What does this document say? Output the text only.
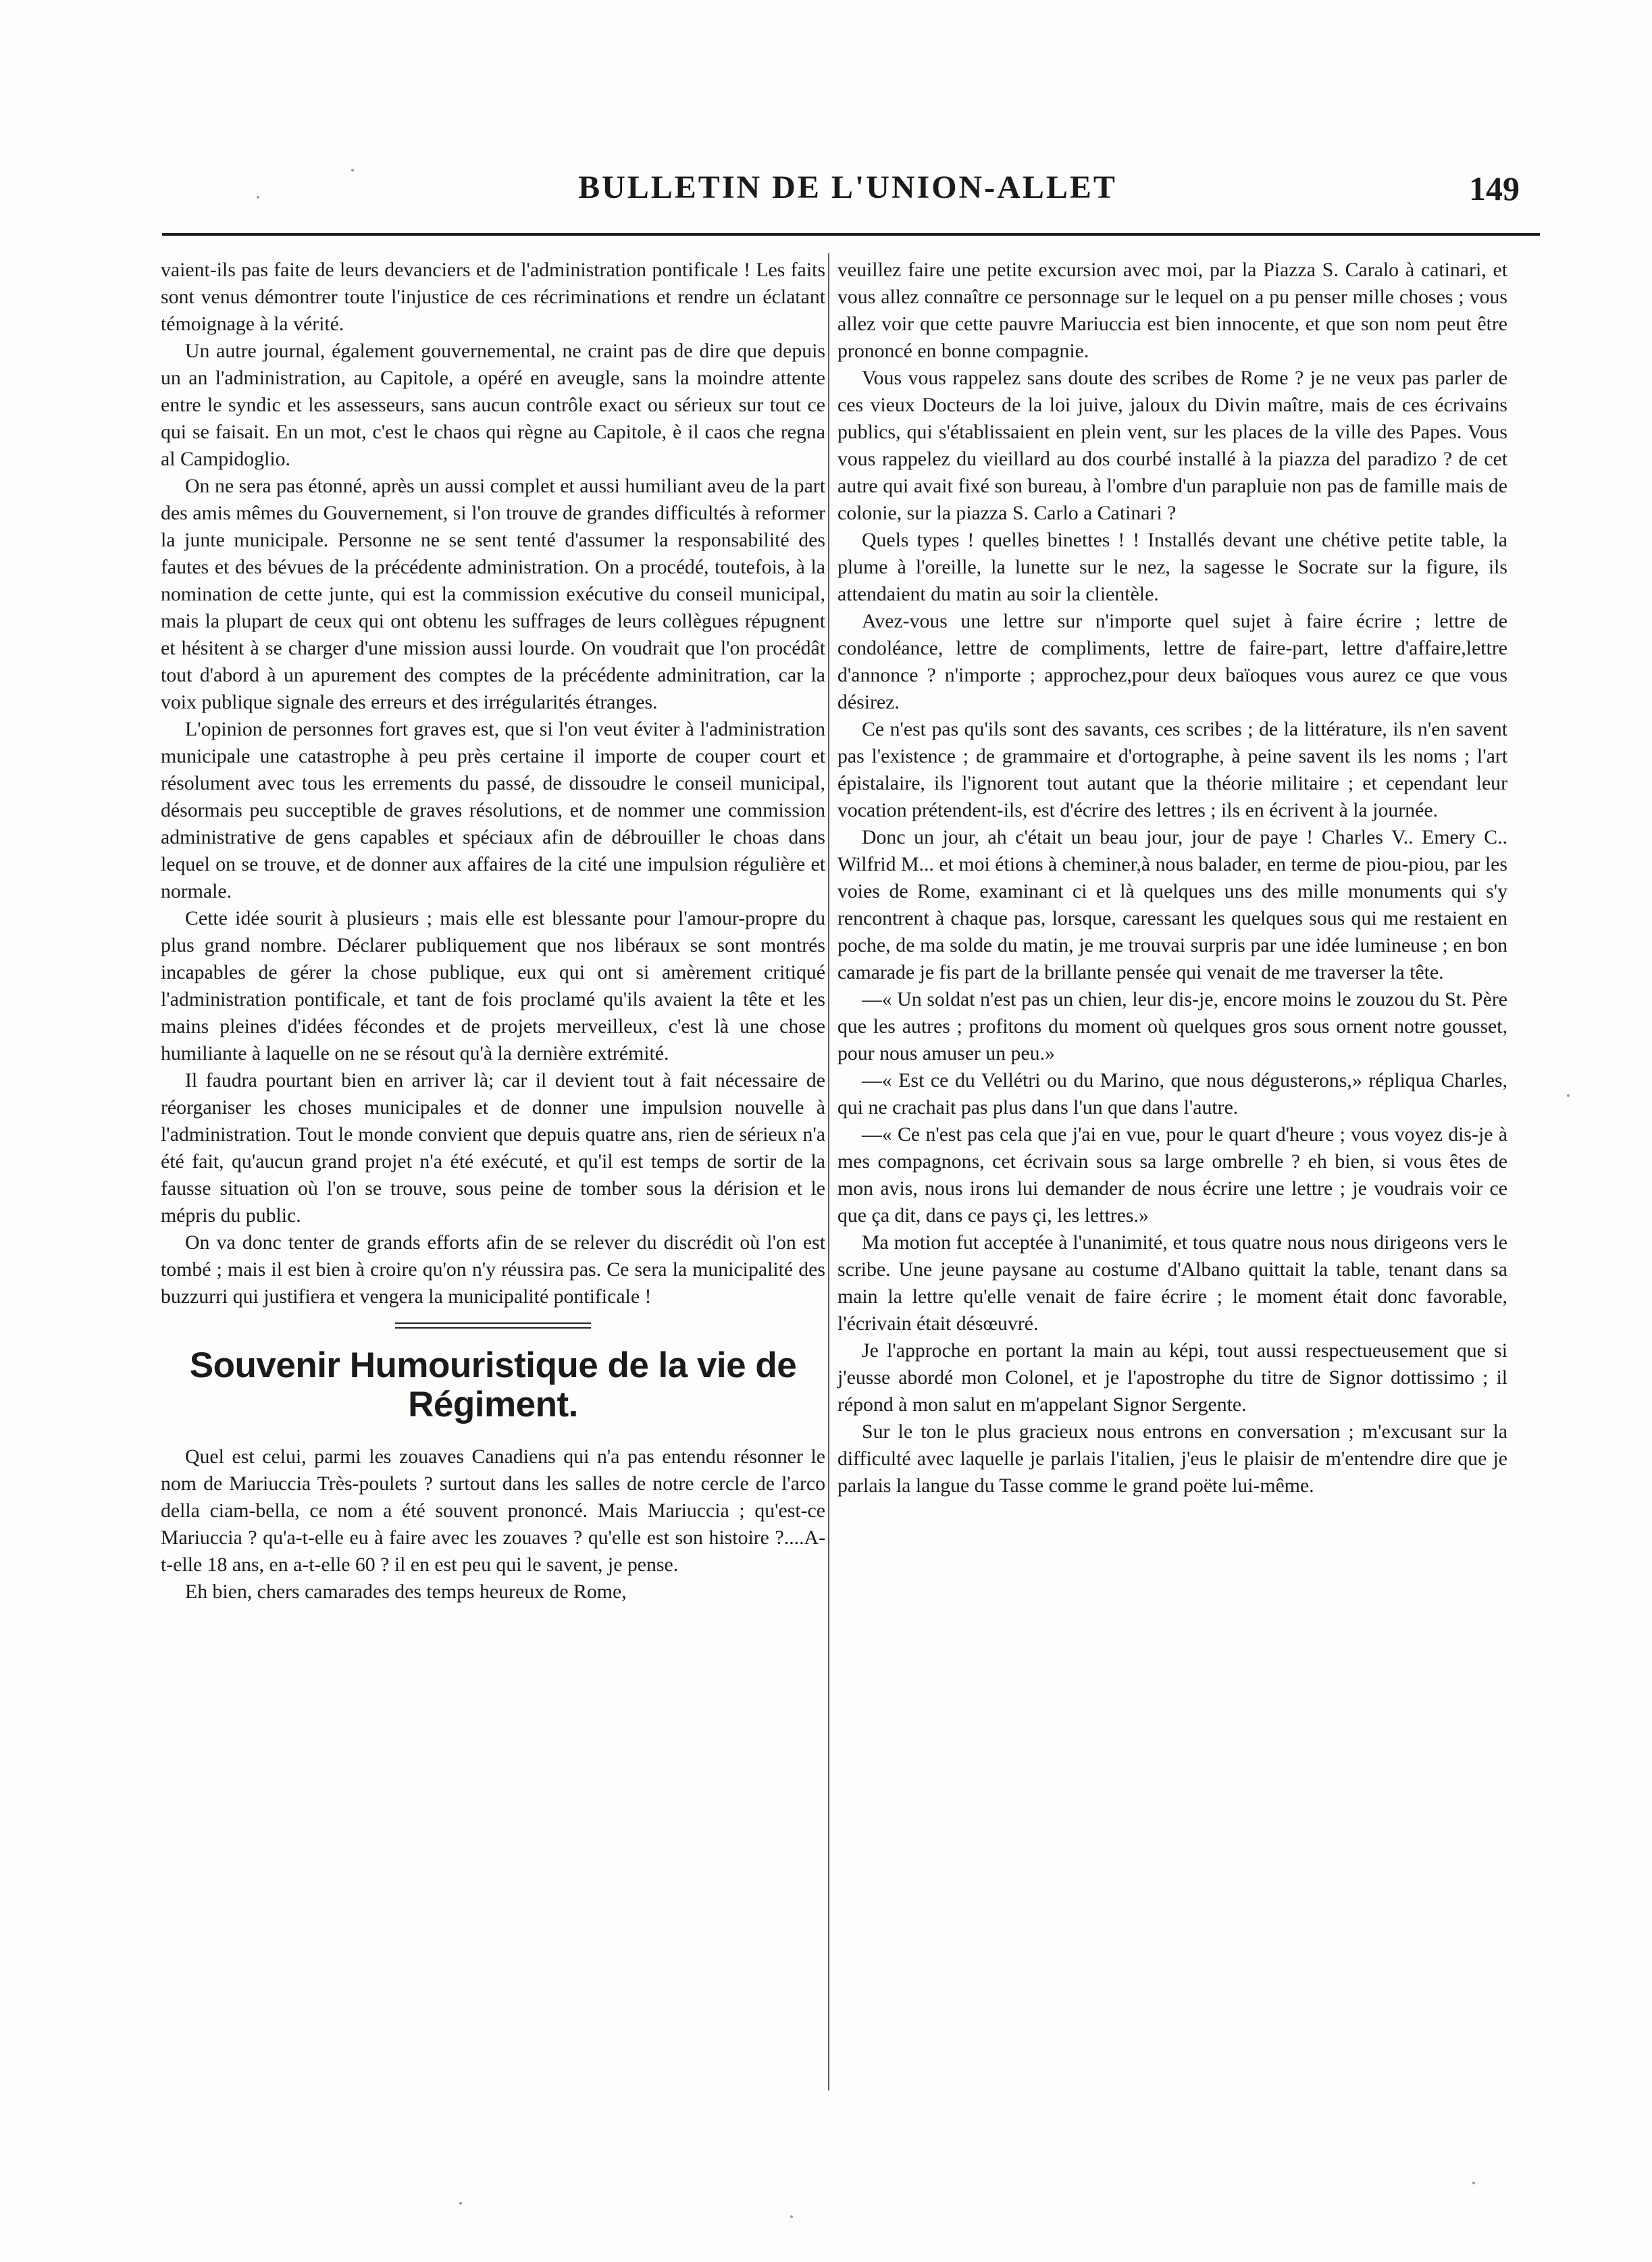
BULLETIN DE L'UNION-ALLET	149

vaient-ils pas faite de leurs devanciers et de l'administration pontificale ! Les faits sont venus démontrer toute l'injustice de ces récriminations et rendre un éclatant témoignage à la vérité.

Un autre journal, également gouvernemental, ne craint pas de dire que depuis un an l'administration, au Capitole, a opéré en aveugle, sans la moindre attente entre le syndic et les assesseurs, sans aucun contrôle exact ou sérieux sur tout ce qui se faisait. En un mot, c'est le chaos qui règne au Capitole, è il caos che regna al Campidoglio.

On ne sera pas étonné, après un aussi complet et aussi humiliant aveu de la part des amis mêmes du Gouvernement, si l'on trouve de grandes difficultés à reformer la junte municipale. Personne ne se sent tenté d'assumer la responsabilité des fautes et des bévues de la précédente administration. On a procédé, toutefois, à la nomination de cette junte, qui est la commission exécutive du conseil municipal, mais la plupart de ceux qui ont obtenu les suffrages de leurs collègues répugnent et hésitent à se charger d'une mission aussi lourde. On voudrait que l'on procédât tout d'abord à un apurement des comptes de la précédente adminitration, car la voix publique signale des erreurs et des irrégularités étranges.

L'opinion de personnes fort graves est, que si l'on veut éviter à l'administration municipale une catastrophe à peu près certaine il importe de couper court et résolument avec tous les errements du passé, de dissoudre le conseil municipal, désormais peu succeptible de graves résolutions, et de nommer une commission administrative de gens capables et spéciaux afin de débrouiller le choas dans lequel on se trouve, et de donner aux affaires de la cité une impulsion régulière et normale.

Cette idée sourit à plusieurs ; mais elle est blessante pour l'amour-propre du plus grand nombre. Déclarer publiquement que nos libéraux se sont montrés incapables de gérer la chose publique, eux qui ont si amèrement critiqué l'administration pontificale, et tant de fois proclamé qu'ils avaient la tête et les mains pleines d'idées fécondes et de projets merveilleux, c'est là une chose humiliante à laquelle on ne se résout qu'à la dernière extrémité.

Il faudra pourtant bien en arriver là; car il devient tout à fait nécessaire de réorganiser les choses municipales et de donner une impulsion nouvelle à l'administration. Tout le monde convient que depuis quatre ans, rien de sérieux n'a été fait, qu'aucun grand projet n'a été exécuté, et qu'il est temps de sortir de la fausse situation où l'on se trouve, sous peine de tomber sous la dérision et le mépris du public.

On va donc tenter de grands efforts afin de se relever du discrédit où l'on est tombé ; mais il est bien à croire qu'on n'y réussira pas. Ce sera la municipalité des buzzurri qui justifiera et vengera la municipalité pontificale !

Souvenir Humouristique de la vie de Régiment.

Quel est celui, parmi les zouaves Canadiens qui n'a pas entendu résonner le nom de Mariuccia Très-poulets ? surtout dans les salles de notre cercle de l'arco della ciam-bella, ce nom a été souvent prononcé. Mais Mariuccia ; qu'est-ce Mariuccia ? qu'a-t-elle eu à faire avec les zouaves ? qu'elle est son histoire ?....A-t-elle 18 ans, en a-t-elle 60 ? il en est peu qui le savent, je pense.

Eh bien, chers camarades des temps heureux de Rome,

veuillez faire une petite excursion avec moi, par la Piazza S. Caralo à catinari, et vous allez connaître ce personnage sur le lequel on a pu penser mille choses ; vous allez voir que cette pauvre Mariuccia est bien innocente, et que son nom peut être prononcé en bonne compagnie.

Vous vous rappelez sans doute des scribes de Rome ? je ne veux pas parler de ces vieux Docteurs de la loi juive, jaloux du Divin maître, mais de ces écrivains publics, qui s'établissaient en plein vent, sur les places de la ville des Papes. Vous vous rappelez du vieillard au dos courbé installé à la piazza del paradizo ? de cet autre qui avait fixé son bureau, à l'ombre d'un parapluie non pas de famille mais de colonie, sur la piazza S. Carlo a Catinari ?

Quels types ! quelles binettes ! ! Installés devant une chétive petite table, la plume à l'oreille, la lunette sur le nez, la sagesse le Socrate sur la figure, ils attendaient du matin au soir la clientèle.

Avez-vous une lettre sur n'importe quel sujet à faire écrire ; lettre de condoléance, lettre de compliments, lettre de faire-part, lettre d'affaire,lettre d'annonce ? n'importe ; approchez,pour deux baïoques vous aurez ce que vous désirez.

Ce n'est pas qu'ils sont des savants, ces scribes ; de la littérature, ils n'en savent pas l'existence ; de grammaire et d'ortographe, à peine savent ils les noms ; l'art épistalaire, ils l'ignorent tout autant que la théorie militaire ; et cependant leur vocation prétendent-ils, est d'écrire des lettres ; ils en écrivent à la journée.

Donc un jour, ah c'était un beau jour, jour de paye ! Charles V.. Emery C.. Wilfrid M... et moi étions à cheminer,à nous balader, en terme de piou-piou, par les voies de Rome, examinant ci et là quelques uns des mille monuments qui s'y rencontrent à chaque pas, lorsque, caressant les quelques sous qui me restaient en poche, de ma solde du matin, je me trouvai surpris par une idée lumineuse ; en bon camarade je fis part de la brillante pensée qui venait de me traverser la tête.

—« Un soldat n'est pas un chien, leur dis-je, encore moins le zouzou du St. Père que les autres ; profitons du moment où quelques gros sous ornent notre gousset, pour nous amuser un peu.»

—« Est ce du Vellétri ou du Marino, que nous dégusterons,» répliqua Charles, qui ne crachait pas plus dans l'un que dans l'autre.

—« Ce n'est pas cela que j'ai en vue, pour le quart d'heure ; vous voyez dis-je à mes compagnons, cet écrivain sous sa large ombrelle ? eh bien, si vous êtes de mon avis, nous irons lui demander de nous écrire une lettre ; je voudrais voir ce que ça dit, dans ce pays çi, les lettres.»

Ma motion fut acceptée à l'unanimité, et tous quatre nous nous dirigeons vers le scribe. Une jeune paysane au costume d'Albano quittait la table, tenant dans sa main la lettre qu'elle venait de faire écrire ; le moment était donc favorable, l'écrivain était désœuvré.

Je l'approche en portant la main au képi, tout aussi respectueusement que si j'eusse abordé mon Colonel, et je l'apostrophe du titre de Signor dottissimo ; il répond à mon salut en m'appelant Signor Sergente.

Sur le ton le plus gracieux nous entrons en conversation ; m'excusant sur la difficulté avec laquelle je parlais l'italien, j'eus le plaisir de m'entendre dire que je parlais la langue du Tasse comme le grand poëte lui-même.
